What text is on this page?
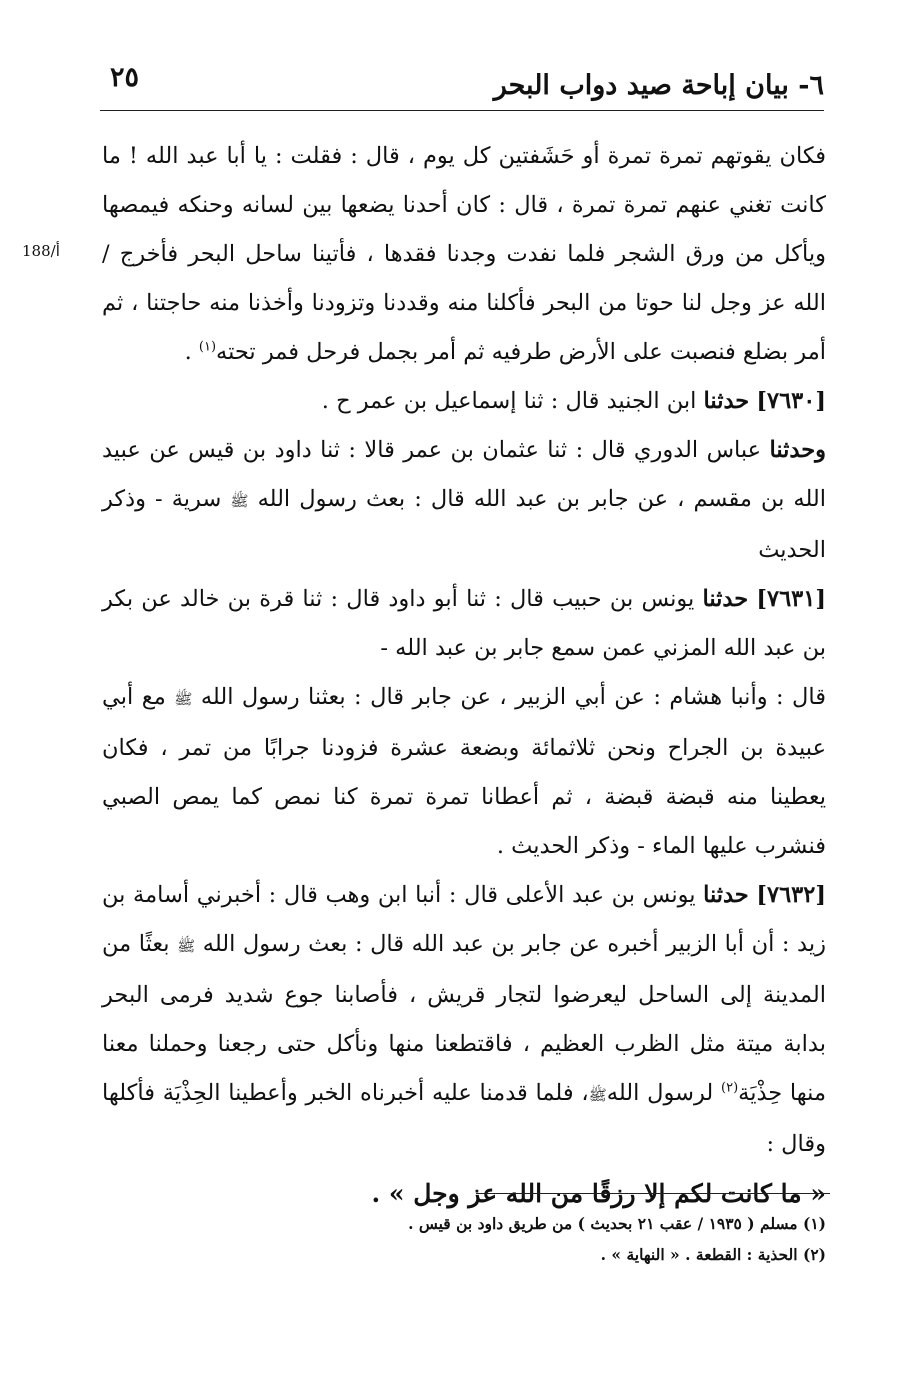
٦- بيان إباحة صيد دواب البحر
٢٥
188/أ

فكان يقوتهم تمرة تمرة أو حَشَفتين كل يوم ، قال : فقلت : يا أبا عبد الله ! ما كانت تغني عنهم تمرة تمرة ، قال : كان أحدنا يضعها بين لسانه وحنكه فيمصها ويأكل من ورق الشجر فلما نفدت وجدنا فقدها ، فأتينا ساحل البحر فأخرج / الله عز وجل لنا حوتا من البحر فأكلنا منه وقددنا وتزودنا وأخذنا منه حاجتنا ، ثم أمر بضلع فنصبت على الأرض طرفيه ثم أمر بجمل فرحل فمر تحته$^{(١)}$ .

[٧٦٣٠] حدثنا ابن الجنيد قال : ثنا إسماعيل بن عمر ح .

وحدثنا عباس الدوري قال : ثنا عثمان بن عمر قالا : ثنا داود بن قيس عن عبيد الله بن مقسم ، عن جابر بن عبد الله قال : بعث رسول الله ﷺ سرية - وذكر الحديث

[٧٦٣١] حدثنا يونس بن حبيب قال : ثنا أبو داود قال : ثنا قرة بن خالد عن بكر بن عبد الله المزني عمن سمع جابر بن عبد الله -

قال : وأنبا هشام : عن أبي الزبير ، عن جابر قال : بعثنا رسول الله ﷺ مع أبي عبيدة بن الجراح ونحن ثلاثمائة وبضعة عشرة فزودنا جرابًا من تمر ، فكان يعطينا منه قبضة قبضة ، ثم أعطانا تمرة تمرة كنا نمص كما يمص الصبي فنشرب عليها الماء - وذكر الحديث .

[٧٦٣٢] حدثنا يونس بن عبد الأعلى قال : أنبا ابن وهب قال : أخبرني أسامة بن زيد : أن أبا الزبير أخبره عن جابر بن عبد الله قال : بعث رسول الله ﷺ بعثًا من المدينة إلى الساحل ليعرضوا لتجار قريش ، فأصابنا جوع شديد فرمى البحر بدابة ميتة مثل الظرب العظيم ، فاقتطعنا منها ونأكل حتى رجعنا وحملنا معنا منها حِذْيَة$^{(٢)}$ لرسول اللهﷺ، فلما قدمنا عليه أخبرناه الخبر وأعطينا الحِذْيَة فأكلها وقال :
« ما كانت لكم إلا رزقًا من الله عز وجل » .

(١) مسلم ( ١٩٣٥ / عقب ٢١ بحديث ) من طريق داود بن قيس .

(٢) الحذية : القطعة . « النهاية » .
